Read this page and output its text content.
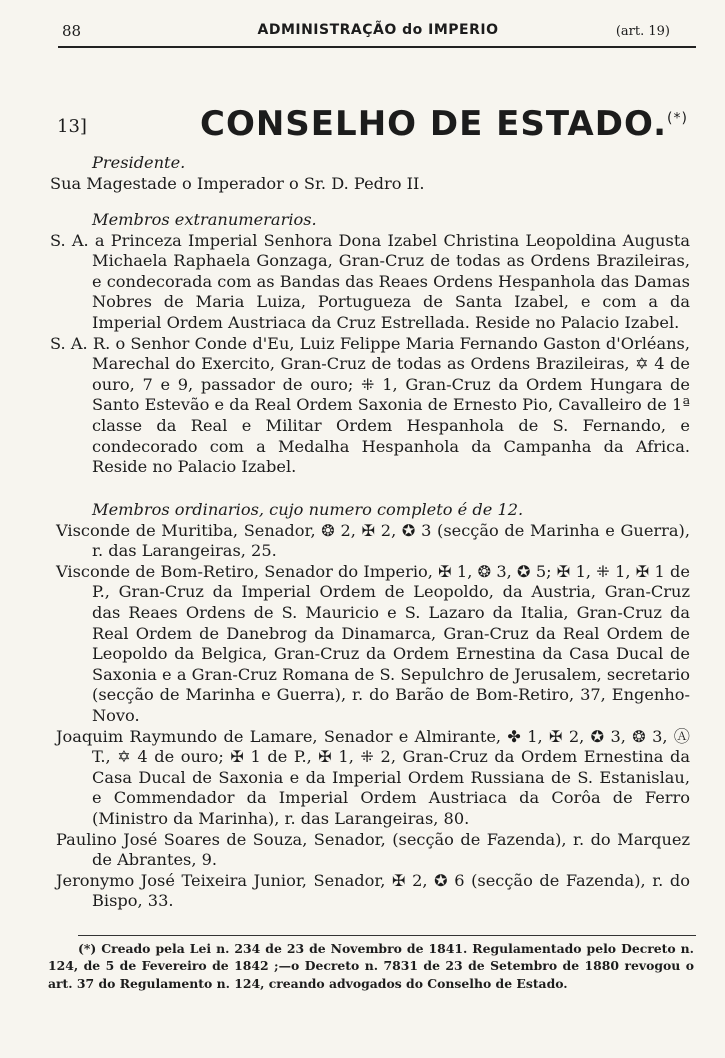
88	ADMINISTRAÇÃO do IMPERIO	(art. 19)
13]	CONSELHO DE ESTADO.(*)

Presidente.

Sua Magestade o Imperador o Sr. D. Pedro II.

Membros extranumerarios.

S. A. a Princeza Imperial Senhora Dona Izabel Christina Leopoldina Augusta Michaela Raphaela Gonzaga, Gran-Cruz de todas as Ordens Brazileiras, e condecorada com as Bandas das Reaes Ordens Hespanhola das Damas Nobres de Maria Luiza, Portugueza de Santa Izabel, e com a da Imperial Ordem Austriaca da Cruz Estrellada. Reside no Palacio Izabel.

S. A. R. o Senhor Conde d'Eu, Luiz Felippe Maria Fernando Gaston d'Orléans, Marechal do Exercito, Gran-Cruz de todas as Ordens Brazileiras, ✡ 4 de ouro, 7 e 9, passador de ouro; ⁜ 1, Gran-Cruz da Ordem Hungara de Santo Estevão e da Real Ordem Saxonia de Ernesto Pio, Cavalleiro de 1ª classe da Real e Militar Ordem Hespanhola de S. Fernando, e condecorado com a Medalha Hespanhola da Campanha da Africa. Reside no Palacio Izabel.

Membros ordinarios, cujo numero completo é de 12.

Visconde de Muritiba, Senador, ❂ 2, ✠ 2, ✪ 3 (secção de Marinha e Guerra), r. das Larangeiras, 25.

Visconde de Bom-Retiro, Senador do Imperio, ✠ 1, ❂ 3, ✪ 5; ✠ 1, ⁜ 1, ✠ 1 de P., Gran-Cruz da Imperial Ordem de Leopoldo, da Austria, Gran-Cruz das Reaes Ordens de S. Mauricio e S. Lazaro da Italia, Gran-Cruz da Real Ordem de Danebrog da Dinamarca, Gran-Cruz da Real Ordem de Leopoldo da Belgica, Gran-Cruz da Ordem Ernestina da Casa Ducal de Saxonia e a Gran-Cruz Romana de S. Sepulchro de Jerusalem, secretario (secção de Marinha e Guerra), r. do Barão de Bom-Retiro, 37, Engenho-Novo.

Joaquim Raymundo de Lamare, Senador e Almirante, ✤ 1, ✠ 2, ✪ 3, ❂ 3, Ⓐ T., ✡ 4 de ouro; ✠ 1 de P., ✠ 1, ⁜ 2, Gran-Cruz da Ordem Ernestina da Casa Ducal de Saxonia e da Imperial Ordem Russiana de S. Estanislau, e Commendador da Imperial Ordem Austriaca da Corôa de Ferro (Ministro da Marinha), r. das Larangeiras, 80.

Paulino José Soares de Souza, Senador, (secção de Fazenda), r. do Marquez de Abrantes, 9.

Jeronymo José Teixeira Junior, Senador, ✠ 2, ✪ 6 (secção de Fazenda), r. do Bispo, 33.

(*) Creado pela Lei n. 234 de 23 de Novembro de 1841. Regulamentado pelo Decreto n. 124, de 5 de Fevereiro de 1842 ;—o Decreto n. 7831 de 23 de Setembro de 1880 revogou o art. 37 do Regulamento n. 124, creando advogados do Conselho de Estado.
